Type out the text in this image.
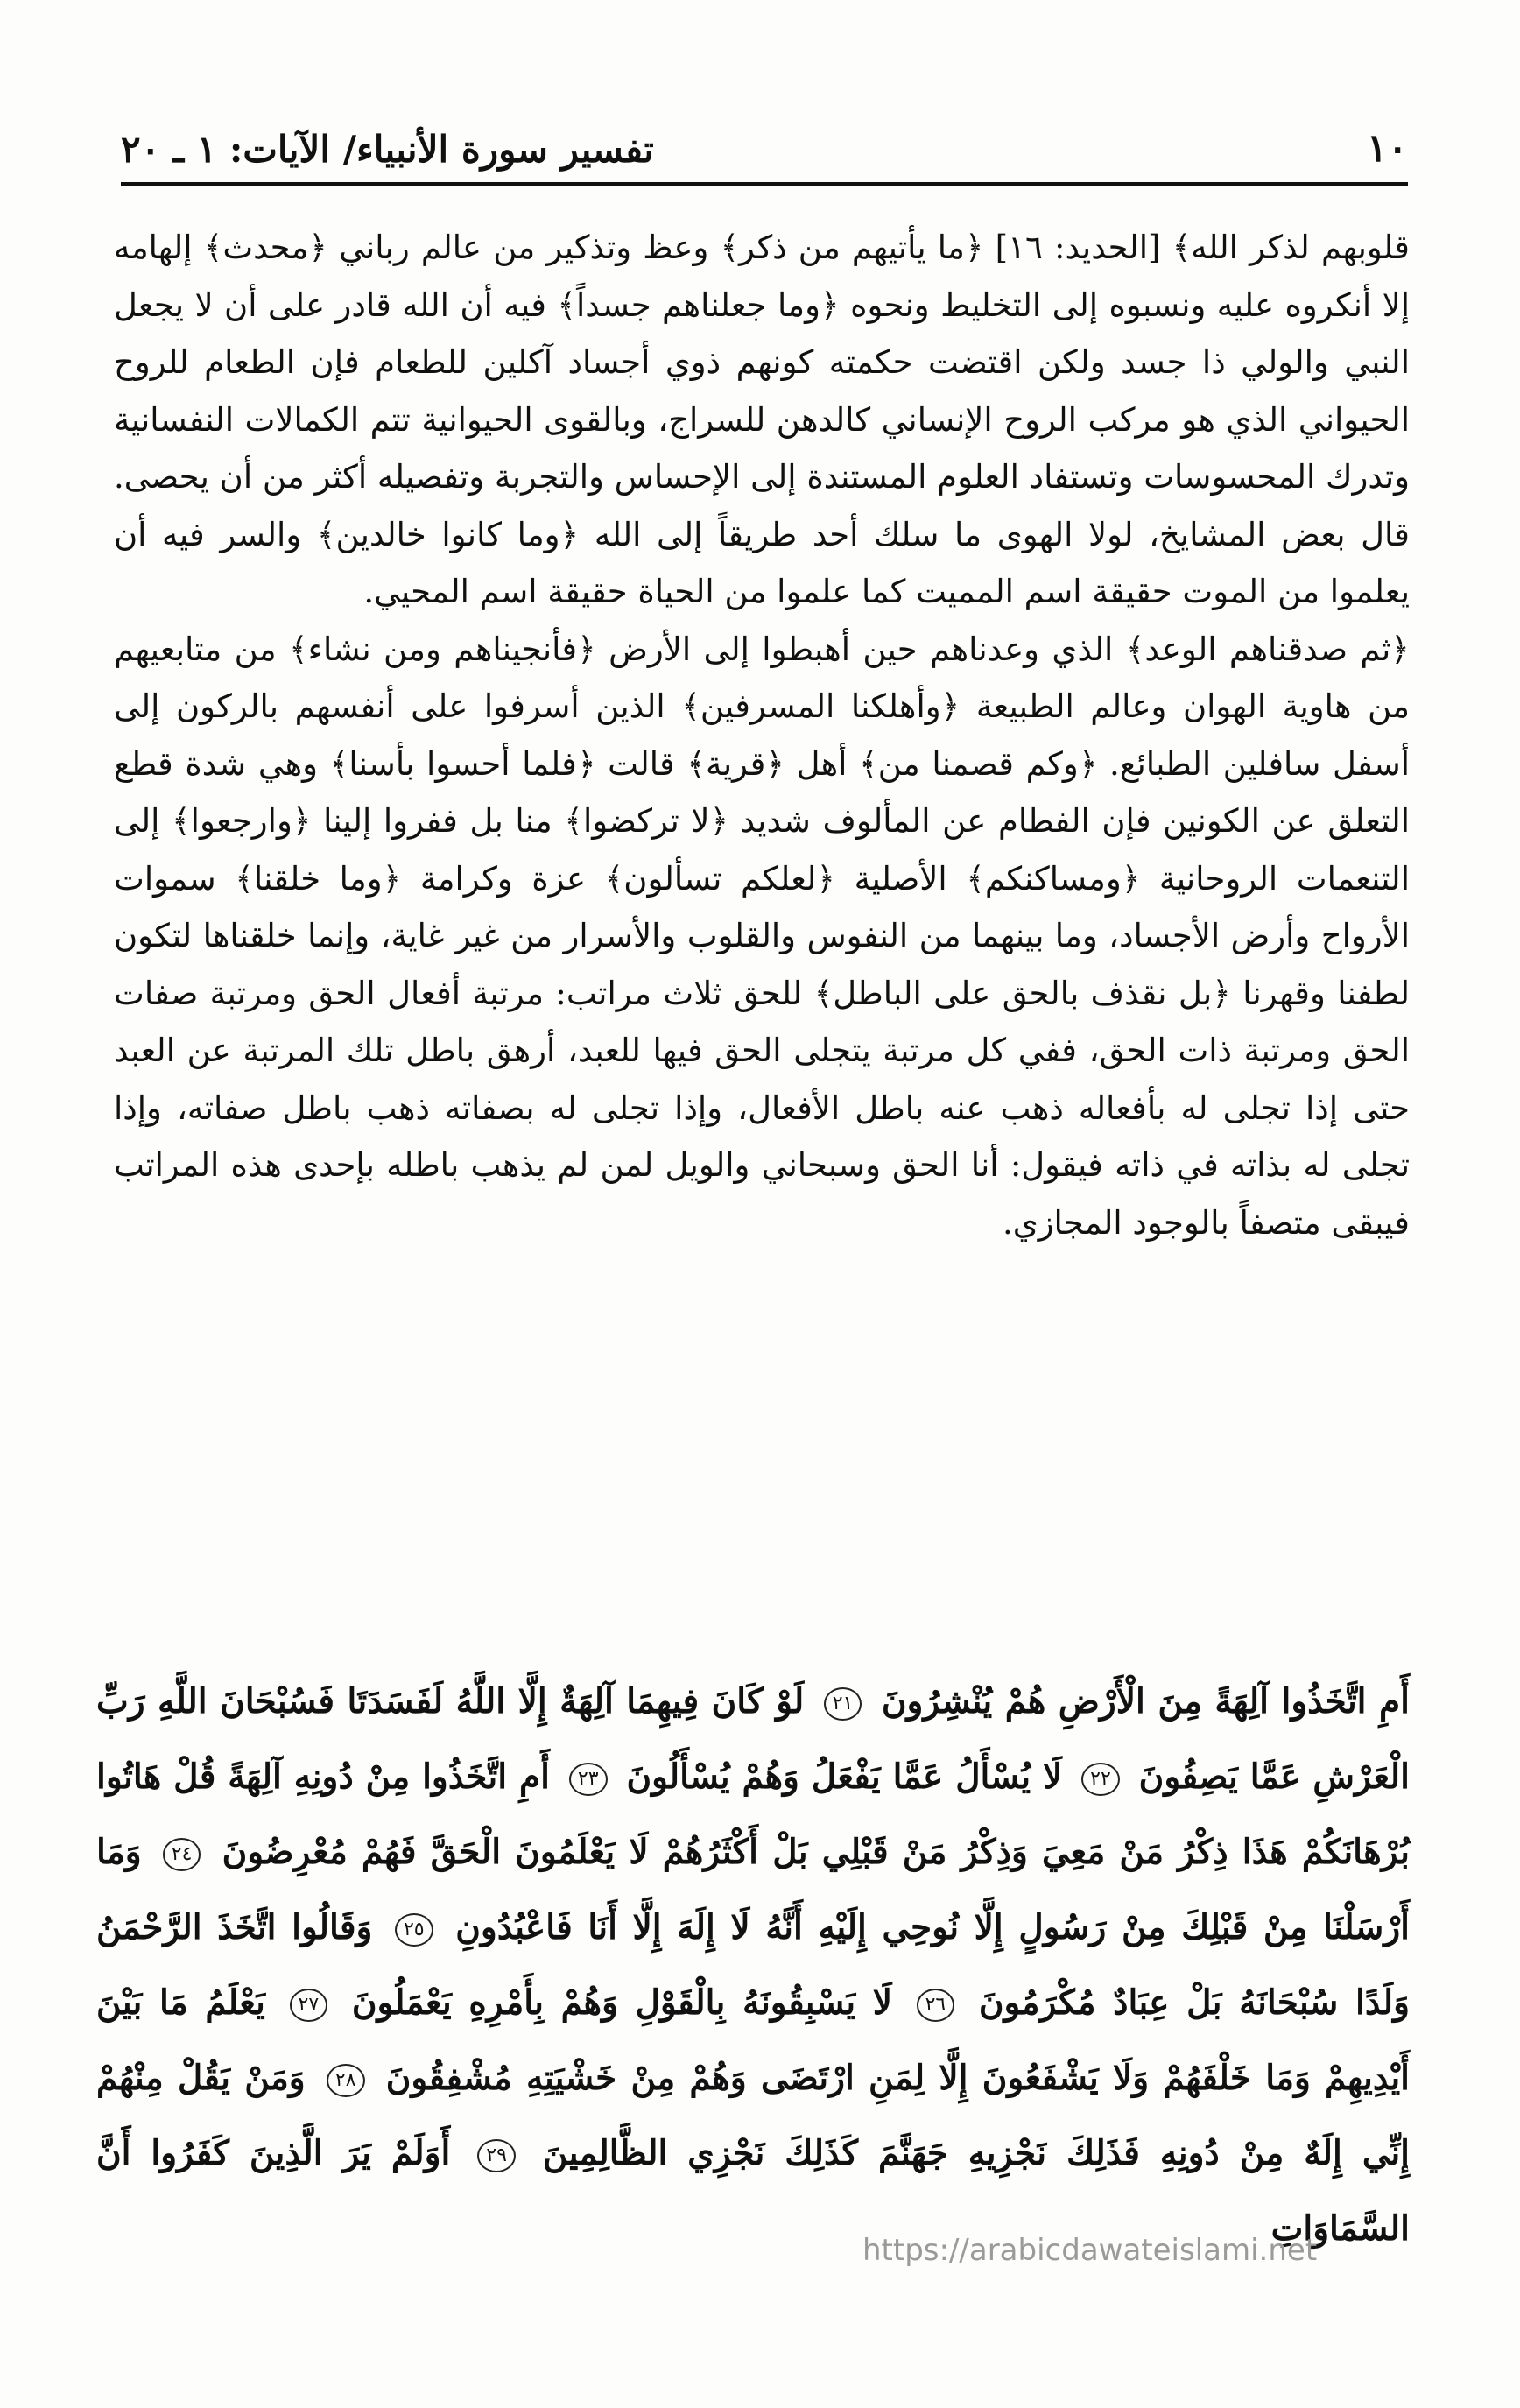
١٠
تفسير سورة الأنبياء/ الآيات: ١ ـ ٢٠

قلوبهم لذكر الله﴾ [الحديد: ١٦] ﴿ما يأتيهم من ذكر﴾ وعظ وتذكير من عالم رباني ﴿محدث﴾ إلهامه إلا أنكروه عليه ونسبوه إلى التخليط ونحوه ﴿وما جعلناهم جسداً﴾ فيه أن الله قادر على أن لا يجعل النبي والولي ذا جسد ولكن اقتضت حكمته كونهم ذوي أجساد آكلين للطعام فإن الطعام للروح الحيواني الذي هو مركب الروح الإنساني كالدهن للسراج، وبالقوى الحيوانية تتم الكمالات النفسانية وتدرك المحسوسات وتستفاد العلوم المستندة إلى الإحساس والتجربة وتفصيله أكثر من أن يحصى. قال بعض المشايخ، لولا الهوى ما سلك أحد طريقاً إلى الله ﴿وما كانوا خالدين﴾ والسر فيه أن يعلموا من الموت حقيقة اسم المميت كما علموا من الحياة حقيقة اسم المحيي.

﴿ثم صدقناهم الوعد﴾ الذي وعدناهم حين أهبطوا إلى الأرض ﴿فأنجيناهم ومن نشاء﴾ من متابعيهم من هاوية الهوان وعالم الطبيعة ﴿وأهلكنا المسرفين﴾ الذين أسرفوا على أنفسهم بالركون إلى أسفل سافلين الطبائع. ﴿وكم قصمنا من﴾ أهل ﴿قرية﴾ قالت ﴿فلما أحسوا بأسنا﴾ وهي شدة قطع التعلق عن الكونين فإن الفطام عن المألوف شديد ﴿لا تركضوا﴾ منا بل ففروا إلينا ﴿وارجعوا﴾ إلى التنعمات الروحانية ﴿ومساكنكم﴾ الأصلية ﴿لعلكم تسألون﴾ عزة وكرامة ﴿وما خلقنا﴾ سموات الأرواح وأرض الأجساد، وما بينهما من النفوس والقلوب والأسرار من غير غاية، وإنما خلقناها لتكون لطفنا وقهرنا ﴿بل نقذف بالحق على الباطل﴾ للحق ثلاث مراتب: مرتبة أفعال الحق ومرتبة صفات الحق ومرتبة ذات الحق، ففي كل مرتبة يتجلى الحق فيها للعبد، أرهق باطل تلك المرتبة عن العبد حتى إذا تجلى له بأفعاله ذهب عنه باطل الأفعال، وإذا تجلى له بصفاته ذهب باطل صفاته، وإذا تجلى له بذاته في ذاته فيقول: أنا الحق وسبحاني والويل لمن لم يذهب باطله بإحدى هذه المراتب فيبقى متصفاً بالوجود المجازي.

أَمِ اتَّخَذُوا آلِهَةً مِنَ الْأَرْضِ هُمْ يُنْشِرُونَ ٢١ لَوْ كَانَ فِيهِمَا آلِهَةٌ إِلَّا اللَّهُ لَفَسَدَتَا فَسُبْحَانَ اللَّهِ رَبِّ الْعَرْشِ عَمَّا يَصِفُونَ ٢٢ لَا يُسْأَلُ عَمَّا يَفْعَلُ وَهُمْ يُسْأَلُونَ ٢٣ أَمِ اتَّخَذُوا مِنْ دُونِهِ آلِهَةً قُلْ هَاتُوا بُرْهَانَكُمْ هَذَا ذِكْرُ مَنْ مَعِيَ وَذِكْرُ مَنْ قَبْلِي بَلْ أَكْثَرُهُمْ لَا يَعْلَمُونَ الْحَقَّ فَهُمْ مُعْرِضُونَ ٢٤ وَمَا أَرْسَلْنَا مِنْ قَبْلِكَ مِنْ رَسُولٍ إِلَّا نُوحِي إِلَيْهِ أَنَّهُ لَا إِلَهَ إِلَّا أَنَا فَاعْبُدُونِ ٢٥ وَقَالُوا اتَّخَذَ الرَّحْمَنُ وَلَدًا سُبْحَانَهُ بَلْ عِبَادٌ مُكْرَمُونَ ٢٦ لَا يَسْبِقُونَهُ بِالْقَوْلِ وَهُمْ بِأَمْرِهِ يَعْمَلُونَ ٢٧ يَعْلَمُ مَا بَيْنَ أَيْدِيهِمْ وَمَا خَلْفَهُمْ وَلَا يَشْفَعُونَ إِلَّا لِمَنِ ارْتَضَى وَهُمْ مِنْ خَشْيَتِهِ مُشْفِقُونَ ٢٨ وَمَنْ يَقُلْ مِنْهُمْ إِنِّي إِلَهٌ مِنْ دُونِهِ فَذَلِكَ نَجْزِيهِ جَهَنَّمَ كَذَلِكَ نَجْزِي الظَّالِمِينَ ٢٩ أَوَلَمْ يَرَ الَّذِينَ كَفَرُوا أَنَّ السَّمَاوَاتِ
https://arabicdawateislami.net
